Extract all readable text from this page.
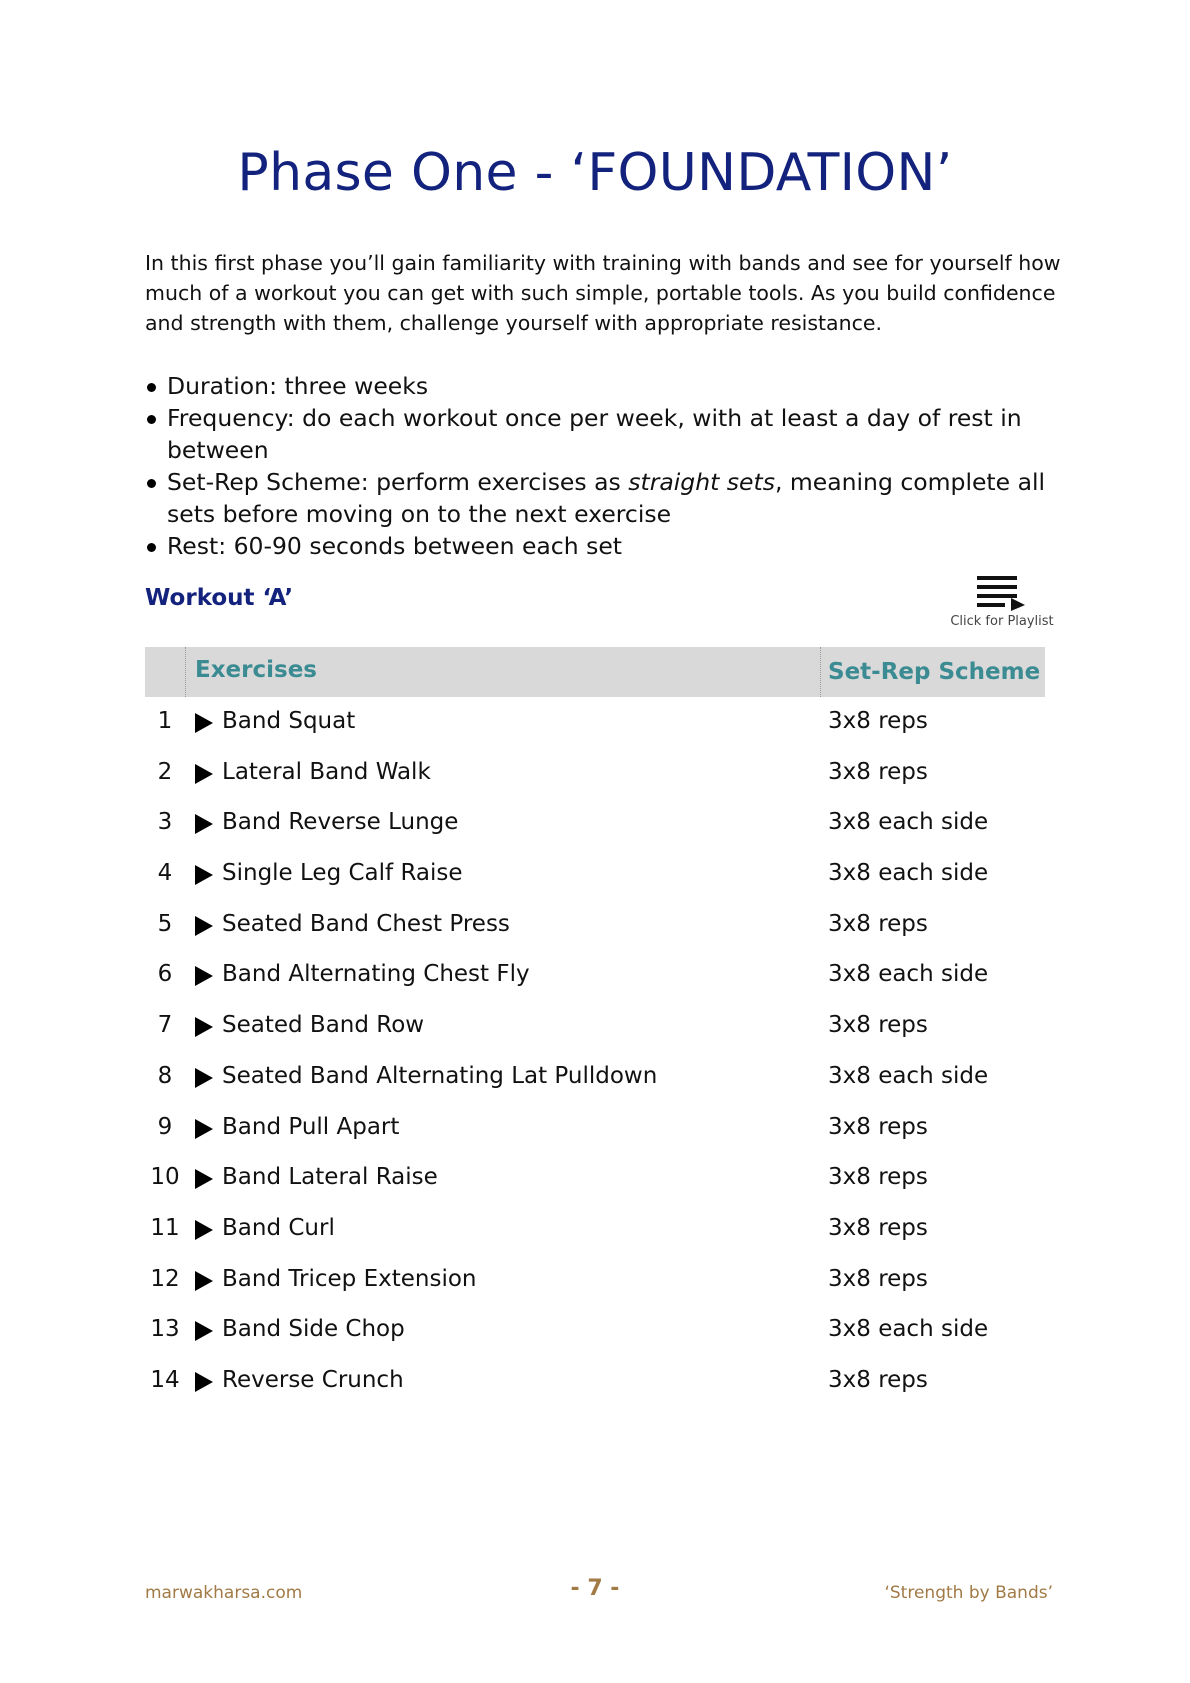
Phase One - ‘FOUNDATION’

In this first phase you’ll gain familiarity with training with bands and see for yourself how much of a workout you can get with such simple, portable tools. As you build confidence and strength with them, challenge yourself with appropriate resistance.

Duration: three weeks
Frequency: do each workout once per week, with at least a day of rest in between
Set-Rep Scheme: perform exercises as straight sets, meaning complete all sets before moving on to the next exercise
Rest: 60-90 seconds between each set
Workout ‘A’
Click for Playlist
Exercises	Set-Rep Scheme
1	Band Squat	3x8 reps
2	Lateral Band Walk	3x8 reps
3	Band Reverse Lunge	3x8 each side
4	Single Leg Calf Raise	3x8 each side
5	Seated Band Chest Press	3x8 reps
6	Band Alternating Chest Fly	3x8 each side
7	Seated Band Row	3x8 reps
8	Seated Band Alternating Lat Pulldown	3x8 each side
9	Band Pull Apart	3x8 reps
10 Band Lateral Raise	3x8 reps
11 Band Curl	3x8 reps
12 Band Tricep Extension	3x8 reps
13 Band Side Chop	3x8 each side
14 Reverse Crunch	3x8 reps
marwakharsa.com	- 7 -	‘Strength by Bands’
